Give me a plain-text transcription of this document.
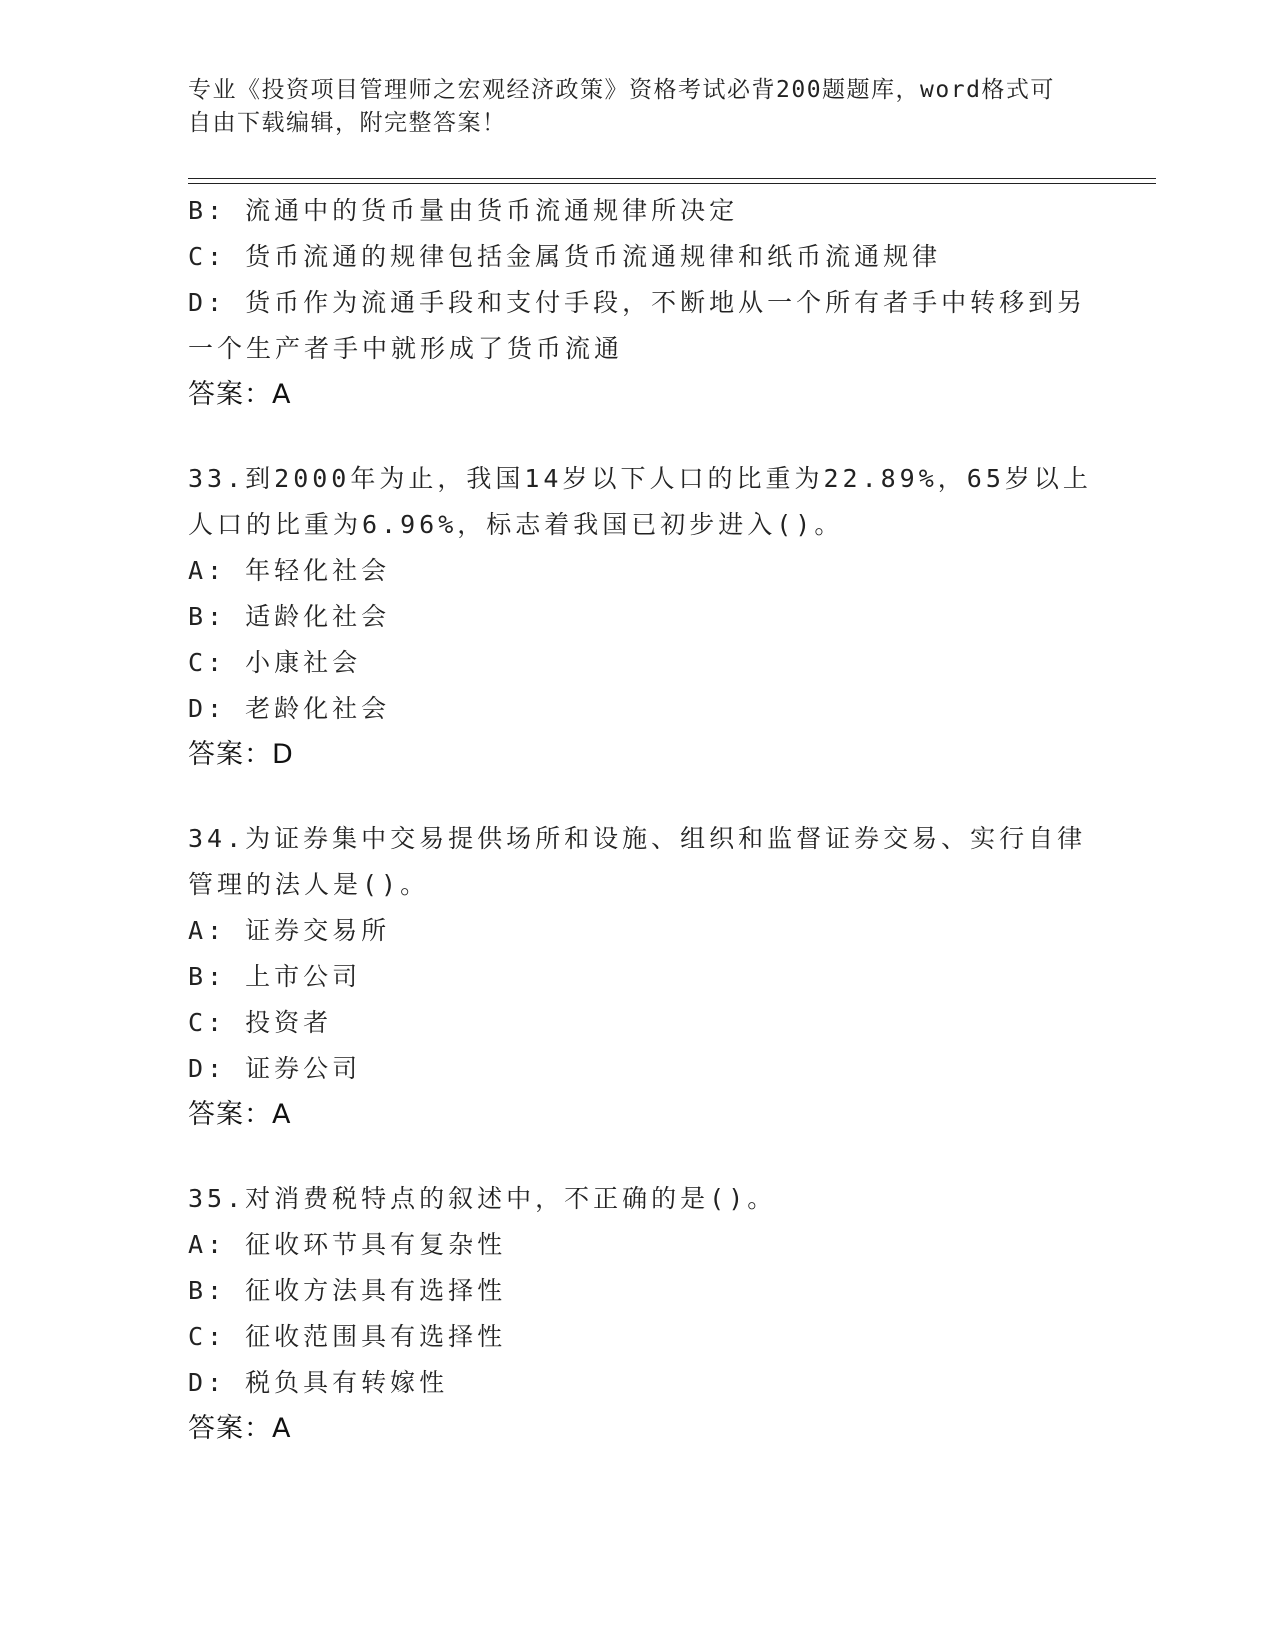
专业《投资项目管理师之宏观经济政策》资格考试必背200题题库，word格式可
自由下载编辑，附完整答案！
B: 流通中的货币量由货币流通规律所决定
C: 货币流通的规律包括金属货币流通规律和纸币流通规律
D: 货币作为流通手段和支付手段，不断地从一个所有者手中转移到另
一个生产者手中就形成了货币流通
答案：A
33.到2000年为止，我国14岁以下人口的比重为22.89%，65岁以上
人口的比重为6.96%，标志着我国已初步进入()。
A: 年轻化社会
B: 适龄化社会
C: 小康社会
D: 老龄化社会
答案：D
34.为证券集中交易提供场所和设施、组织和监督证券交易、实行自律
管理的法人是()。
A: 证券交易所
B: 上市公司
C: 投资者
D: 证券公司
答案：A
35.对消费税特点的叙述中，不正确的是()。
A: 征收环节具有复杂性
B: 征收方法具有选择性
C: 征收范围具有选择性
D: 税负具有转嫁性
答案：A
